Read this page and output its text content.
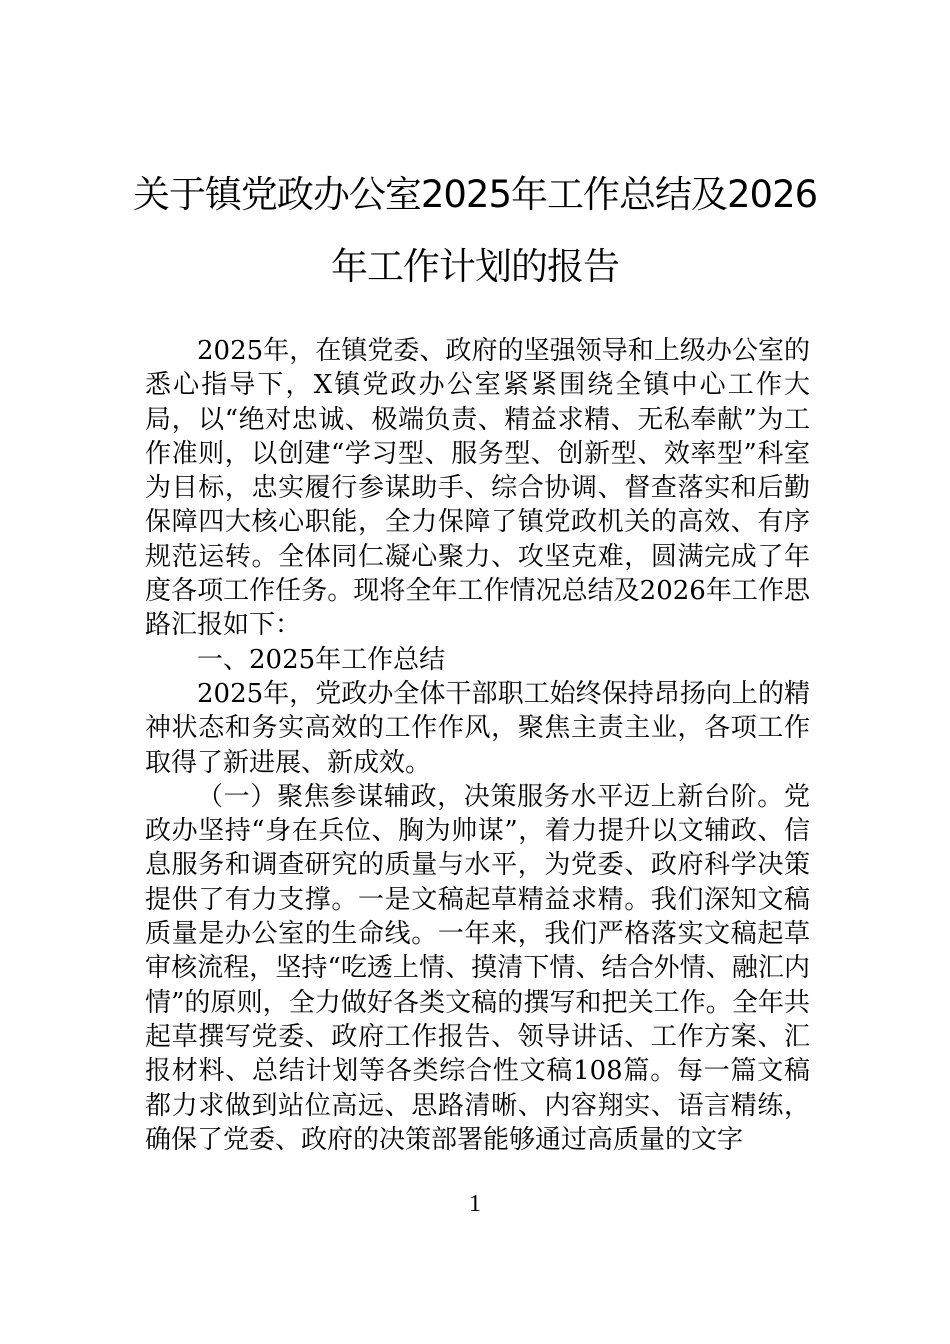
关于镇党政办公室2025年工作总结及2026
年工作计划的报告

2025年，在镇党委、政府的坚强领导和上级办公室的悉心指导下，X镇党政办公室紧紧围绕全镇中心工作大局，以“绝对忠诚、极端负责、精益求精、无私奉献”为工作准则，以创建“学习型、服务型、创新型、效率型”科室为目标，忠实履行参谋助手、综合协调、督查落实和后勤保障四大核心职能，全力保障了镇党政机关的高效、有序规范运转。全体同仁凝心聚力、攻坚克难，圆满完成了年度各项工作任务。现将全年工作情况总结及2026年工作思路汇报如下：

一、2025年工作总结

2025年，党政办全体干部职工始终保持昂扬向上的精神状态和务实高效的工作作风，聚焦主责主业，各项工作取得了新进展、新成效。

（一）聚焦参谋辅政，决策服务水平迈上新台阶。党政办坚持“身在兵位、胸为帅谋”，着力提升以文辅政、信息服务和调查研究的质量与水平，为党委、政府科学决策提供了有力支撑。一是文稿起草精益求精。我们深知文稿质量是办公室的生命线。一年来，我们严格落实文稿起草审核流程，坚持“吃透上情、摸清下情、结合外情、融汇内情”的原则，全力做好各类文稿的撰写和把关工作。全年共起草撰写党委、政府工作报告、领导讲话、工作方案、汇报材料、总结计划等各类综合性文稿108篇。每一篇文稿都力求做到站位高远、思路清晰、内容翔实、语言精练，确保了党委、政府的决策部署能够通过高质量的文字

1
